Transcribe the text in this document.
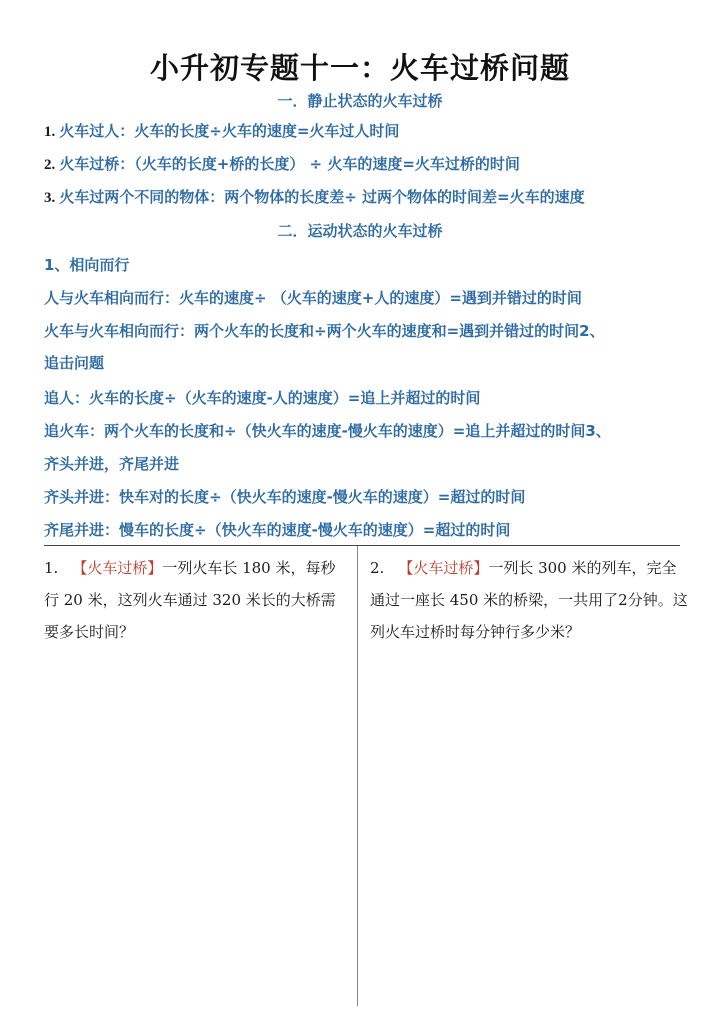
小升初专题十一：火车过桥问题
一．静止状态的火车过桥
1. 火车过人：火车的长度÷火车的速度=火车过人时间
2. 火车过桥：（火车的长度+桥的长度） ÷ 火车的速度=火车过桥的时间
3. 火车过两个不同的物体：两个物体的长度差÷ 过两个物体的时间差=火车的速度
二．运动状态的火车过桥
1、相向而行
人与火车相向而行：火车的速度÷ （火车的速度+人的速度）=遇到并错过的时间
火车与火车相向而行：两个火车的长度和÷两个火车的速度和=遇到并错过的时间2、
追击问题
追人：火车的长度÷（火车的速度-人的速度）=追上并超过的时间
追火车：两个火车的长度和÷（快火车的速度-慢火车的速度）=追上并超过的时间3、
齐头并进，齐尾并进
齐头并进：快车对的长度÷（快火车的速度-慢火车的速度）=超过的时间
齐尾并进：慢车的长度÷（快火车的速度-慢火车的速度）=超过的时间
1. 【火车过桥】一列火车长 180 米，每秒行 20 米，这列火车通过 320 米长的大桥需要多长时间？
2. 【火车过桥】一列长 300 米的列车，完全通过一座长 450 米的桥梁，一共用了2分钟。这列火车过桥时每分钟行多少米？
